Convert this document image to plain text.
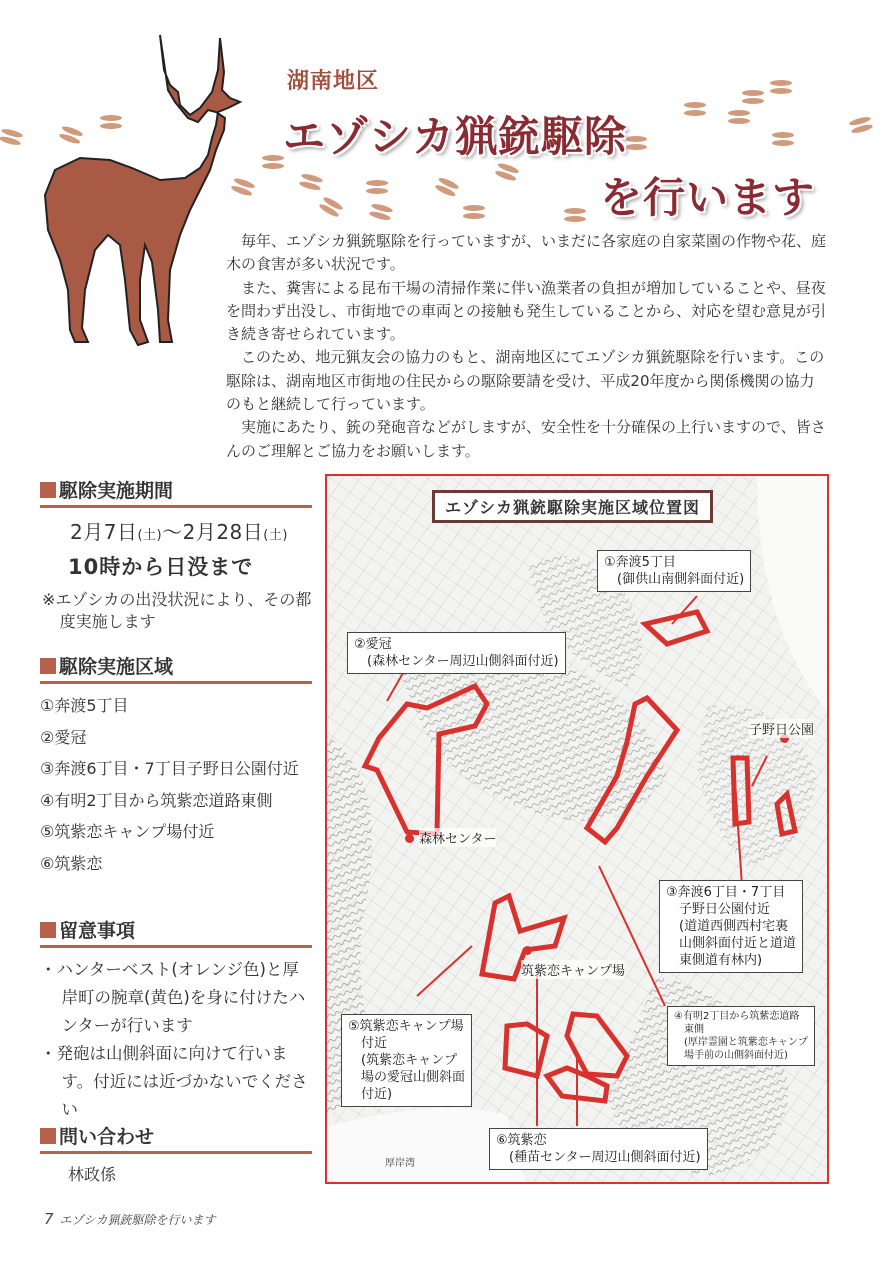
湖南地区
エゾシカ猟銃駆除
を行います

毎年、エゾシカ猟銃駆除を行っていますが、いまだに各家庭の自家菜園の作物や花、庭木の食害が多い状況です。

また、糞害による昆布干場の清掃作業に伴い漁業者の負担が増加していることや、昼夜を問わず出没し、市街地での車両との接触も発生していることから、対応を望む意見が引き続き寄せられています。

このため、地元猟友会の協力のもと、湖南地区にてエゾシカ猟銃駆除を行います。この駆除は、湖南地区市街地の住民からの駆除要請を受け、平成20年度から関係機関の協力のもと継続して行っています。

実施にあたり、銃の発砲音などがしますが、安全性を十分確保の上行いますので、皆さんのご理解とご協力をお願いします。

駆除実施期間
2月7日(土)～2月28日(土)
10時から日没まで
※エゾシカの出没状況により、その都度実施します
駆除実施区域
①奔渡5丁目
②愛冠
③奔渡6丁目・7丁目子野日公園付近
④有明2丁目から筑紫恋道路東側
⑤筑紫恋キャンプ場付近
⑥筑紫恋
留意事項
・ハンターベスト(オレンジ色)と厚岸町の腕章(黄色)を身に付けたハンターが行います
・発砲は山側斜面に向けて行います。付近には近づかないでください
問い合わせ
林政係
子野日公園
森林センター
筑紫恋キャンプ場
①奔渡5丁目
(御供山南側斜面付近)
②愛冠
(森林センター周辺山側斜面付近)
③奔渡6丁目・7丁目
子野日公園付近
(道道西側西村宅裏
山側斜面付近と道道
東側道有林内)
④有明2丁目から筑紫恋道路
東側
(厚岸霊園と筑紫恋キャンプ
場手前の山側斜面付近)
⑤筑紫恋キャンプ場
付近
(筑紫恋キャンプ
場の愛冠山側斜面
付近)
⑥筑紫恋
(種苗センター周辺山側斜面付近)
厚岸湾
エゾシカ猟銃駆除実施区域位置図
7 エゾシカ猟銃駆除を行います
